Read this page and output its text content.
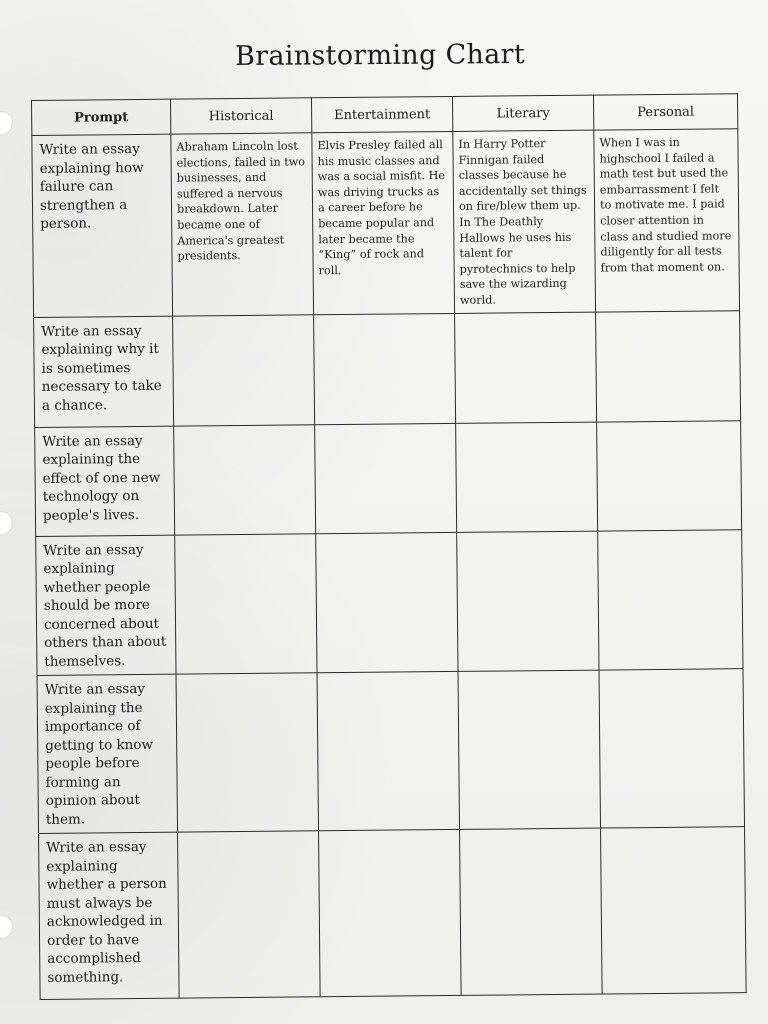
Brainstorming Chart
Prompt	Historical	Entertainment	Literary	Personal
Write an essay explaining how failure can strengthen a person.	Abraham Lincoln lost elections, failed in two businesses, and suffered a nervous breakdown. Later became one of America's greatest presidents.	Elvis Presley failed all his music classes and was a social misfit. He was driving trucks as a career before he became popular and later became the “King” of rock and roll.	In Harry Potter Finnigan failed classes because he accidentally set things on fire/blew them up. In The Deathly Hallows he uses his talent for pyrotechnics to help save the wizarding world.	When I was in highschool I failed a math test but used the embarrassment I felt to motivate me. I paid closer attention in class and studied more diligently for all tests from that moment on.
Write an essay explaining why it is sometimes necessary to take a chance.				
Write an essay explaining the effect of one new technology on people's lives.				
Write an essay explaining whether people should be more concerned about others than about themselves.				
Write an essay explaining the importance of getting to know people before forming an opinion about them.				
Write an essay explaining whether a person must always be acknowledged in order to have accomplished something.				
